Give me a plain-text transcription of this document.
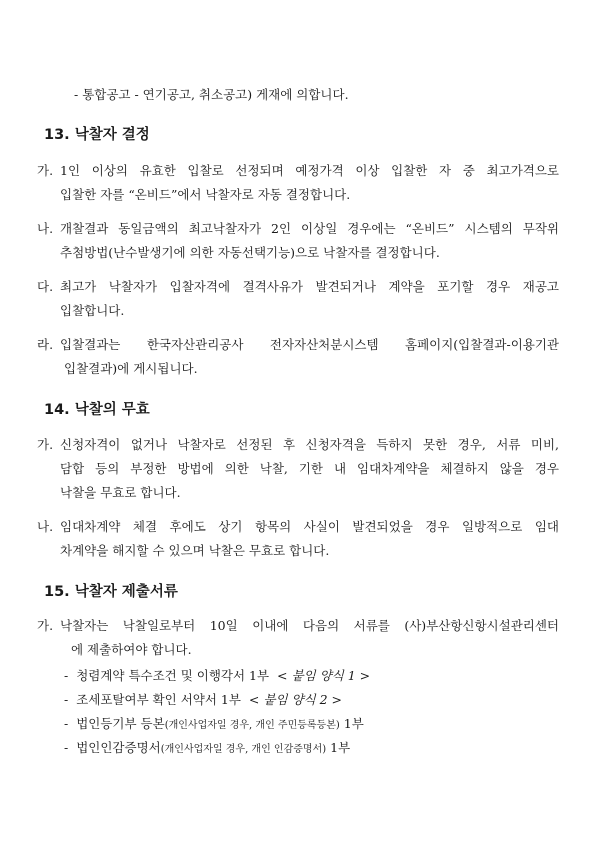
- 통합공고 - 연기공고, 취소공고) 게재에 의합니다.
13. 낙찰자 결정
가. 1인 이상의 유효한 입찰로 선정되며 예정가격 이상 입찰한 자 중 최고가격으로
입찰한 자를 “온비드”에서 낙찰자로 자동 결정합니다.
나. 개찰결과 동일금액의 최고낙찰자가 2인 이상일 경우에는 “온비드” 시스템의 무작위
추첨방법(난수발생기에 의한 자동선택기능)으로 낙찰자를 결정합니다.
다. 최고가 낙찰자가 입찰자격에 결격사유가 발견되거나 계약을 포기할 경우 재공고
입찰합니다.
라. 입찰결과는 한국자산관리공사 전자자산처분시스템 홈페이지(입찰결과-이용기관
입찰결과)에 게시됩니다.
14. 낙찰의 무효
가. 신청자격이 없거나 낙찰자로 선정된 후 신청자격을 득하지 못한 경우, 서류 미비,
담합 등의 부정한 방법에 의한 낙찰, 기한 내 임대차계약을 체결하지 않을 경우
낙찰을 무효로 합니다.
나. 임대차계약 체결 후에도 상기 항목의 사실이 발견되었을 경우 일방적으로 임대
차계약을 해지할 수 있으며 낙찰은 무효로 합니다.
15. 낙찰자 제출서류
가. 낙찰자는 낙찰일로부터 10일 이내에 다음의 서류를 (사)부산항신항시설관리센터
에 제출하여야 합니다.
- 청렴계약 특수조건 및 이행각서 1부 < 붙임 양식 1 >
- 조세포탈여부 확인 서약서 1부 < 붙임 양식 2 >
- 법인등기부 등본(개인사업자일 경우, 개인 주민등록등본) 1부
- 법인인감증명서(개인사업자일 경우, 개인 인감증명서) 1부
